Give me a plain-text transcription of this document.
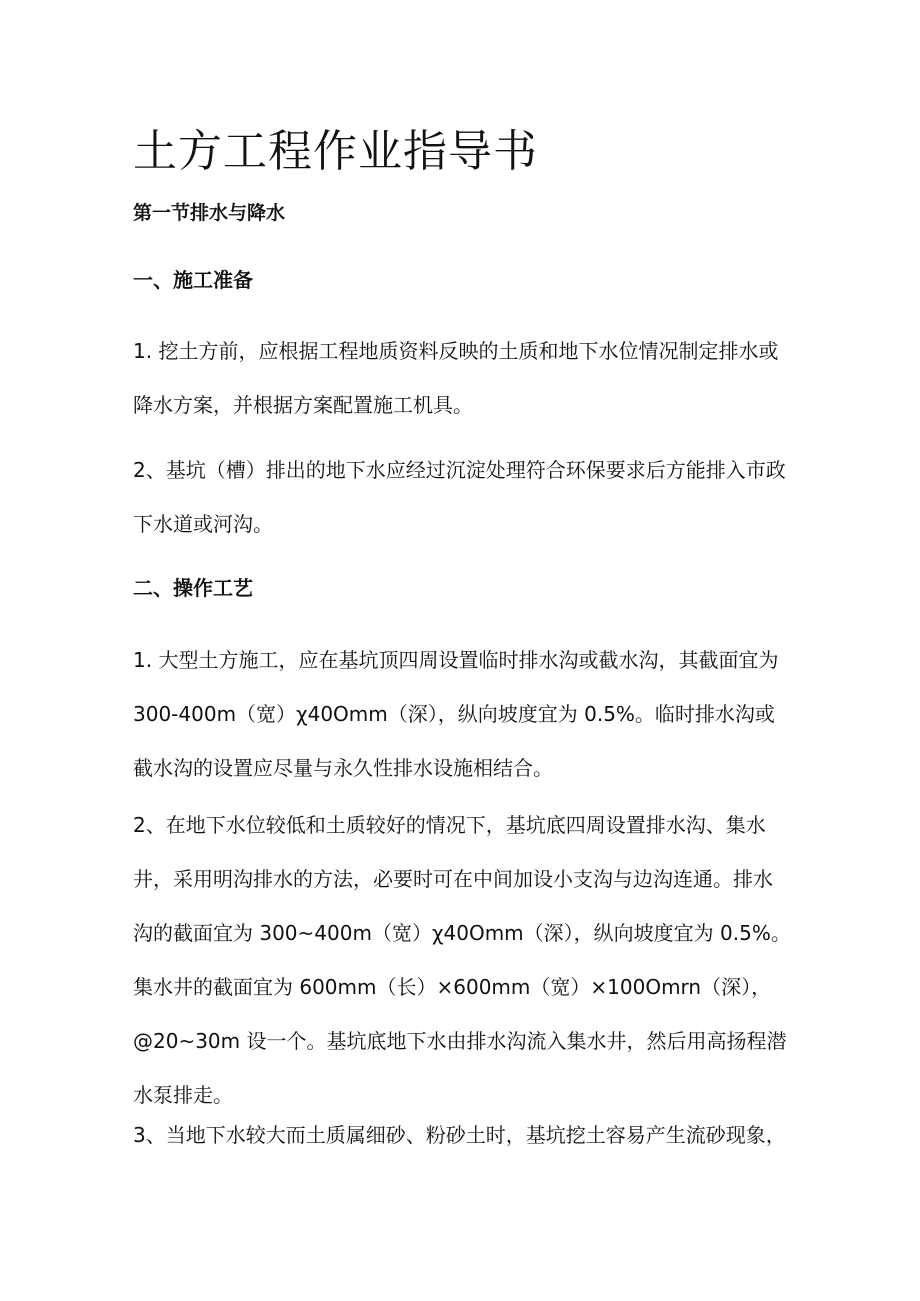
土方工程作业指导书
第一节排水与降水
一、施工准备

1. 挖土方前，应根据工程地质资料反映的土质和地下水位情况制定排水或
降水方案，并根据方案配置施工机具。

2、基坑（槽）排出的地下水应经过沉淀处理符合环保要求后方能排入市政
下水道或河沟。

二、操作工艺

1. 大型土方施工，应在基坑顶四周设置临时排水沟或截水沟，其截面宜为
300-400m（宽）χ40Omm（深），纵向坡度宜为 0.5%。临时排水沟或
截水沟的设置应尽量与永久性排水设施相结合。

2、在地下水位较低和土质较好的情况下，基坑底四周设置排水沟、集水
井，采用明沟排水的方法，必要时可在中间加设小支沟与边沟连通。排水
沟的截面宜为 300~400m（宽）χ40Omm（深），纵向坡度宜为 0.5%。
集水井的截面宜为 600mm（长）×600mm（宽）×100Omrn（深），
@20~30m 设一个。基坑底地下水由排水沟流入集水井，然后用高扬程潜
水泵排走。

3、当地下水较大而土质属细砂、粉砂土时，基坑挖土容易产生流砂现象，
